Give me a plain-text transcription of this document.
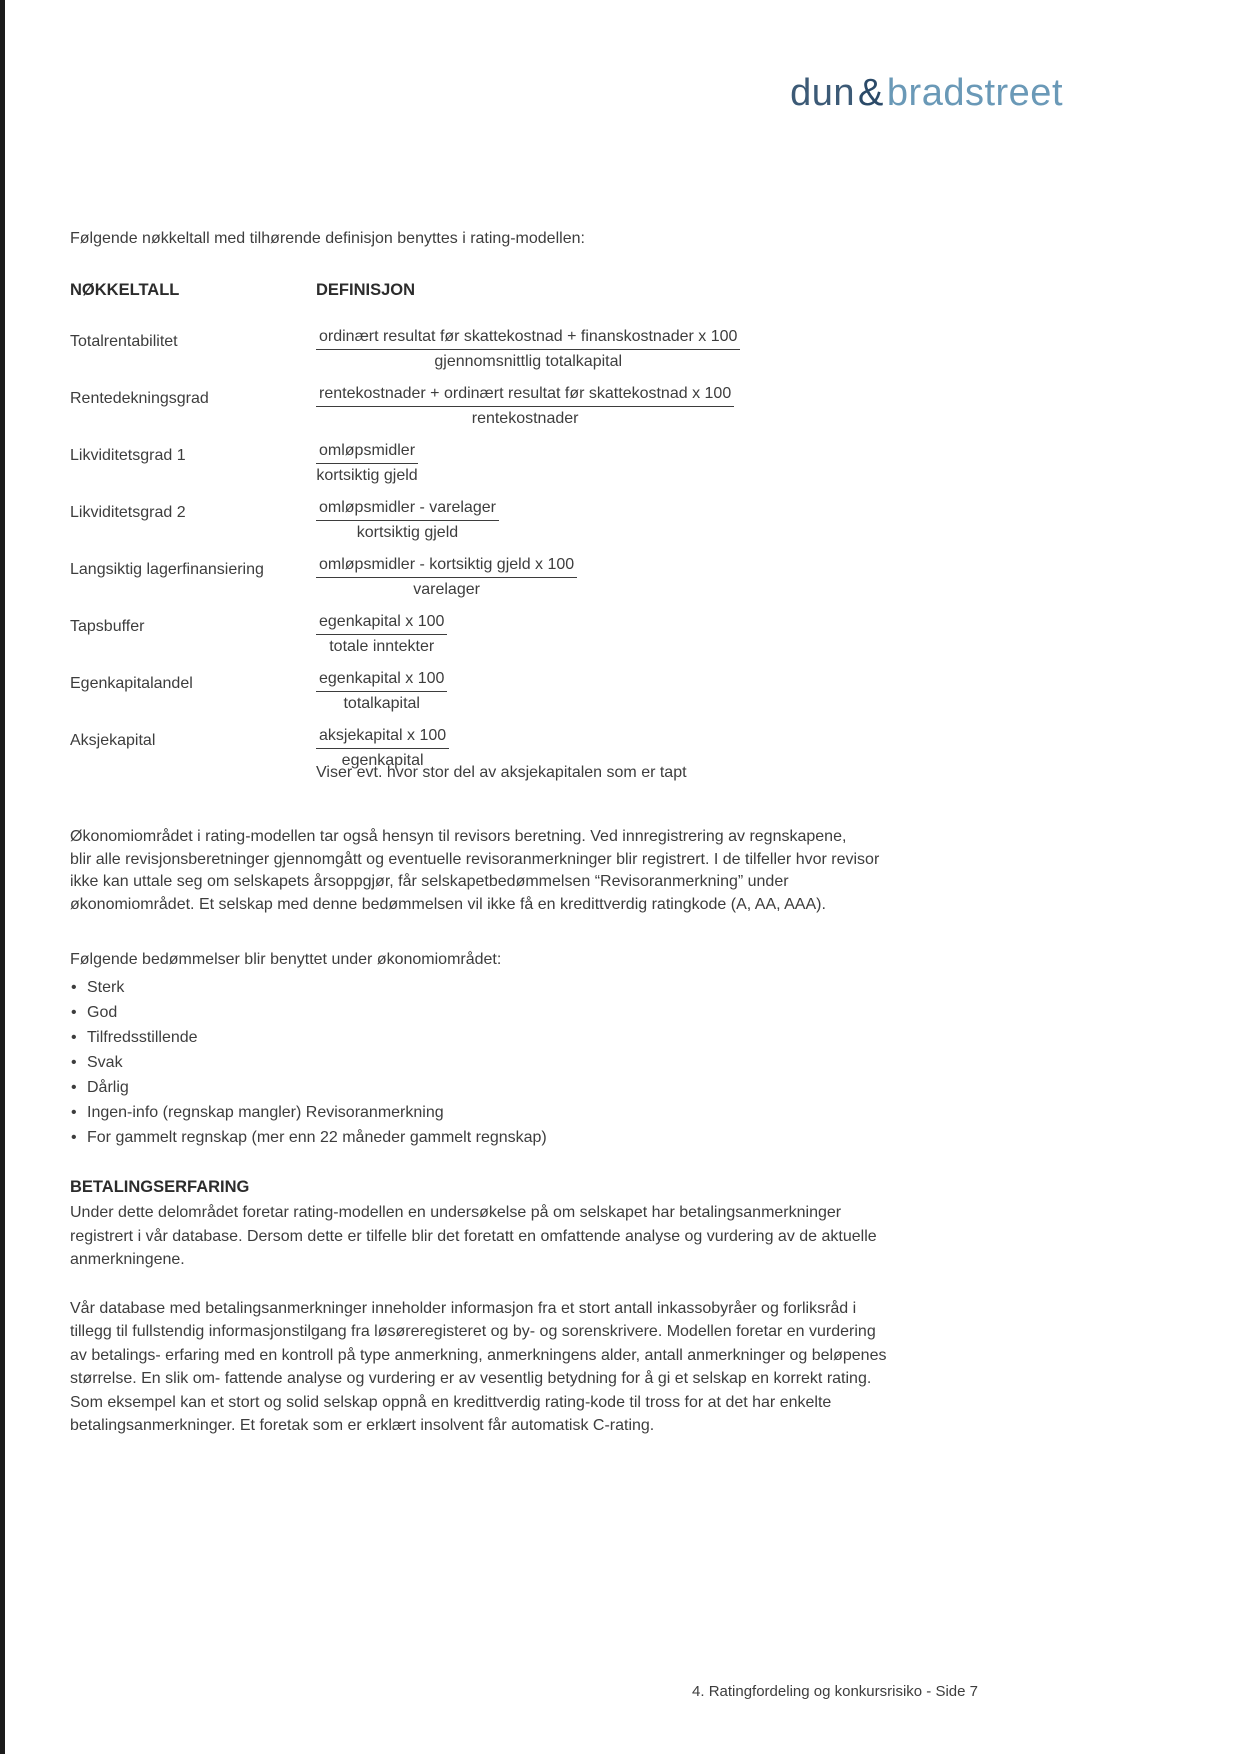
dun&bradstreet
Følgende nøkkeltall med tilhørende definisjon benyttes i rating-modellen:
NØKKELTALL	DEFINISJON
Totalrentabilitet	$\frac{\text{ordinært resultat før skattekostnad + finanskostnader x 100}}{\text{gjennomsnittlig totalkapital}}$
Rentedekningsgrad	$\frac{\text{rentekostnader + ordinært resultat før skattekostnad x 100}}{\text{rentekostnader}}$
Likviditetsgrad 1	$\frac{\text{omløpsmidler}}{\text{kortsiktig gjeld}}$
Likviditetsgrad 2	$\frac{\text{omløpsmidler - varelager}}{\text{kortsiktig gjeld}}$
Langsiktig lagerfinansiering	$\frac{\text{omløpsmidler - kortsiktig gjeld x 100}}{\text{varelager}}$
Tapsbuffer	$\frac{\text{egenkapital x 100}}{\text{totale inntekter}}$
Egenkapitalandel	$\frac{\text{egenkapital x 100}}{\text{totalkapital}}$
Aksjekapital	$\frac{\text{aksjekapital x 100}}{\text{egenkapital}}$
Viser evt. hvor stor del av aksjekapitalen som er tapt
Økonomiområdet i rating-modellen tar også hensyn til revisors beretning. Ved innregistrering av regnskapene,
blir alle revisjonsberetninger gjennomgått og eventuelle revisoranmerkninger blir registrert. I de tilfeller hvor revisor
ikke kan uttale seg om selskapets årsoppgjør, får selskapetbedømmelsen “Revisoranmerkning” under
økonomiområdet. Et selskap med denne bedømmelsen vil ikke få en kredittverdig ratingkode (A, AA, AAA).
Følgende bedømmelser blir benyttet under økonomiområdet:
• Sterk
• God
• Tilfredsstillende
• Svak
• Dårlig
• Ingen-info (regnskap mangler) Revisoranmerkning
• For gammelt regnskap (mer enn 22 måneder gammelt regnskap)
BETALINGSERFARING
Under dette delområdet foretar rating-modellen en undersøkelse på om selskapet har betalingsanmerkninger
registrert i vår database. Dersom dette er tilfelle blir det foretatt en omfattende analyse og vurdering av de aktuelle
anmerkningene.
Vår database med betalingsanmerkninger inneholder informasjon fra et stort antall inkassobyråer og forliksråd i
tillegg til fullstendig informasjonstilgang fra løsøreregisteret og by- og sorenskrivere. Modellen foretar en vurdering
av betalings- erfaring med en kontroll på type anmerkning, anmerkningens alder, antall anmerkninger og beløpenes
størrelse. En slik om- fattende analyse og vurdering er av vesentlig betydning for å gi et selskap en korrekt rating.
Som eksempel kan et stort og solid selskap oppnå en kredittverdig rating-kode til tross for at det har enkelte
betalingsanmerkninger. Et foretak som er erklært insolvent får automatisk C-rating.
4. Ratingfordeling og konkursrisiko - Side 7
